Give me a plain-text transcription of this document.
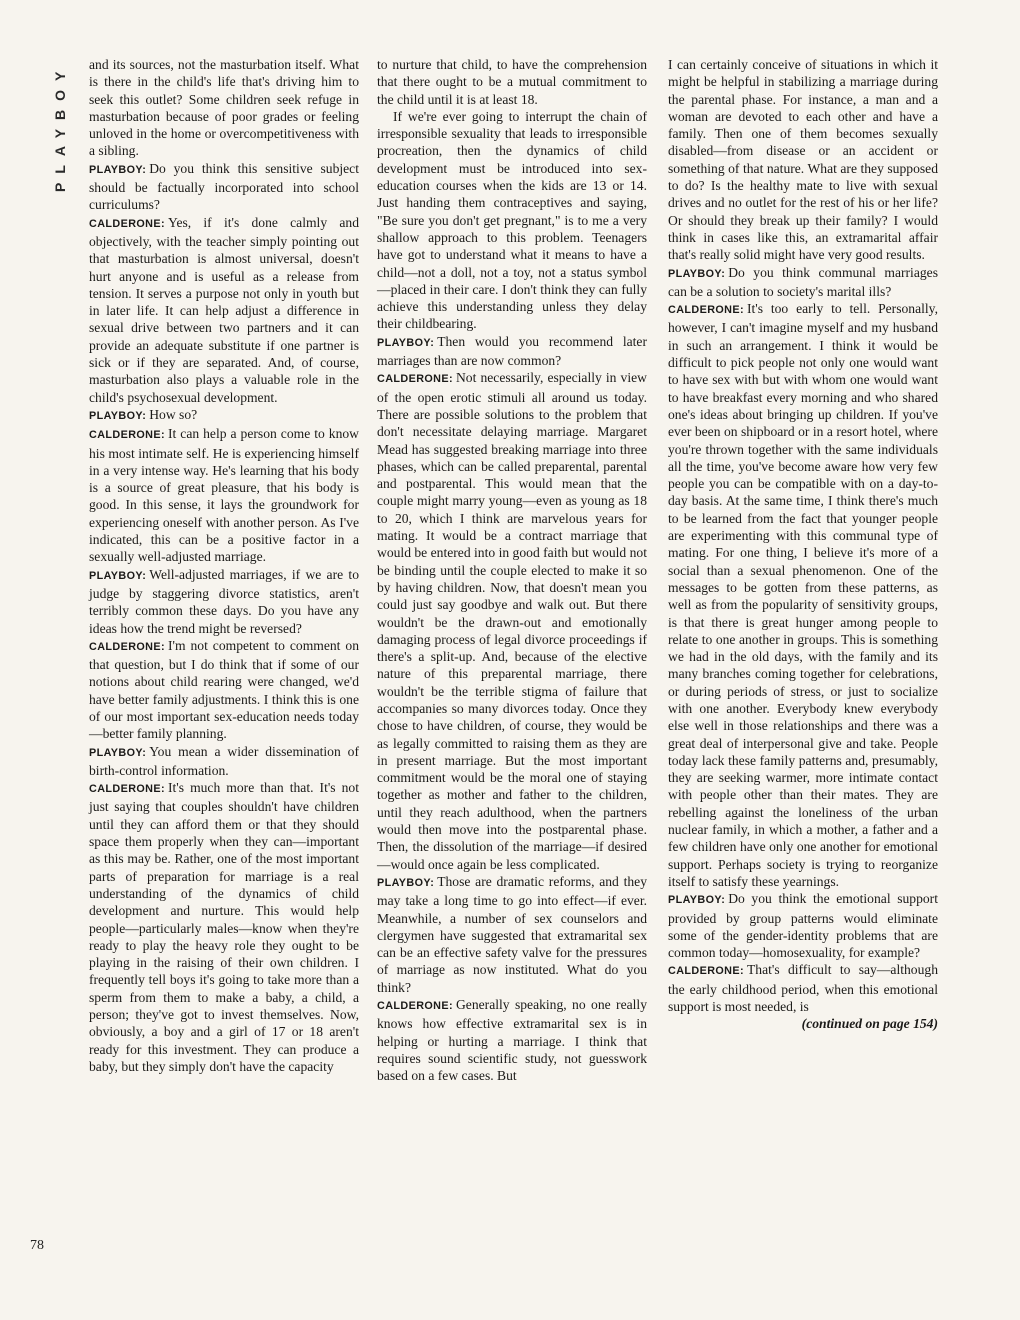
PLAYBOY	and its sources, not the masturbation itself. What is there in the child's life that's driving him to seek this outlet? Some children seek refuge in masturbation because of poor grades or feeling unloved in the home or overcompetitiveness with a sibling.

PLAYBOY: Do you think this sensitive subject should be factually incorporated into school curriculums?

CALDERONE: Yes, if it's done calmly and objectively, with the teacher simply pointing out that masturbation is almost universal, doesn't hurt anyone and is useful as a release from tension. It serves a purpose not only in youth but in later life. It can help adjust a difference in sexual drive between two partners and it can provide an adequate substitute if one partner is sick or if they are separated. And, of course, masturbation also plays a valuable role in the child's psychosexual development.

PLAYBOY: How so?

CALDERONE: It can help a person come to know his most intimate self. He is experiencing himself in a very intense way. He's learning that his body is a source of great pleasure, that his body is good. In this sense, it lays the groundwork for experiencing oneself with another person. As I've indicated, this can be a positive factor in a sexually well-adjusted marriage.

PLAYBOY: Well-adjusted marriages, if we are to judge by staggering divorce statistics, aren't terribly common these days. Do you have any ideas how the trend might be reversed?

CALDERONE: I'm not competent to comment on that question, but I do think that if some of our notions about child rearing were changed, we'd have better family adjustments. I think this is one of our most important sex-education needs today—better family planning.

PLAYBOY: You mean a wider dissemination of birth-control information.

CALDERONE: It's much more than that. It's not just saying that couples shouldn't have children until they can afford them or that they should space them properly when they can—important as this may be. Rather, one of the most important parts of preparation for marriage is a real understanding of the dynamics of child development and nurture. This would help people—particularly males—know when they're ready to play the heavy role they ought to be playing in the raising of their own children. I frequently tell boys it's going to take more than a sperm from them to make a baby, a child, a person; they've got to invest themselves. Now, obviously, a boy and a girl of 17 or 18 aren't ready for this investment. They can produce a baby, but they simply don't have the capacity

to nurture that child, to have the comprehension that there ought to be a mutual commitment to the child until it is at least 18.

If we're ever going to interrupt the chain of irresponsible sexuality that leads to irresponsible procreation, then the dynamics of child development must be introduced into sex-education courses when the kids are 13 or 14. Just handing them contraceptives and saying, "Be sure you don't get pregnant," is to me a very shallow approach to this problem. Teenagers have got to understand what it means to have a child—not a doll, not a toy, not a status symbol—placed in their care. I don't think they can fully achieve this understanding unless they delay their childbearing.

PLAYBOY: Then would you recommend later marriages than are now common?

CALDERONE: Not necessarily, especially in view of the open erotic stimuli all around us today. There are possible solutions to the problem that don't necessitate delaying marriage. Margaret Mead has suggested breaking marriage into three phases, which can be called preparental, parental and postparental. This would mean that the couple might marry young—even as young as 18 to 20, which I think are marvelous years for mating. It would be a contract marriage that would be entered into in good faith but would not be binding until the couple elected to make it so by having children. Now, that doesn't mean you could just say goodbye and walk out. But there wouldn't be the drawn-out and emotionally damaging process of legal divorce proceedings if there's a split-up. And, because of the elective nature of this preparental marriage, there wouldn't be the terrible stigma of failure that accompanies so many divorces today. Once they chose to have children, of course, they would be as legally committed to raising them as they are in present marriage. But the most important commitment would be the moral one of staying together as mother and father to the children, until they reach adulthood, when the partners would then move into the postparental phase. Then, the dissolution of the marriage—if desired—would once again be less complicated.

PLAYBOY: Those are dramatic reforms, and they may take a long time to go into effect—if ever. Meanwhile, a number of sex counselors and clergymen have suggested that extramarital sex can be an effective safety valve for the pressures of marriage as now instituted. What do you think?

CALDERONE: Generally speaking, no one really knows how effective extramarital sex is in helping or hurting a marriage. I think that requires sound scientific study, not guesswork based on a few cases. But

I can certainly conceive of situations in which it might be helpful in stabilizing a marriage during the parental phase. For instance, a man and a woman are devoted to each other and have a family. Then one of them becomes sexually disabled—from disease or an accident or something of that nature. What are they supposed to do? Is the healthy mate to live with sexual drives and no outlet for the rest of his or her life? Or should they break up their family? I would think in cases like this, an extramarital affair that's really solid might have very good results.

PLAYBOY: Do you think communal marriages can be a solution to society's marital ills?

CALDERONE: It's too early to tell. Personally, however, I can't imagine myself and my husband in such an arrangement. I think it would be difficult to pick people not only one would want to have sex with but with whom one would want to have breakfast every morning and who shared one's ideas about bringing up children. If you've ever been on shipboard or in a resort hotel, where you're thrown together with the same individuals all the time, you've become aware how very few people you can be compatible with on a day-to-day basis. At the same time, I think there's much to be learned from the fact that younger people are experimenting with this communal type of mating. For one thing, I believe it's more of a social than a sexual phenomenon. One of the messages to be gotten from these patterns, as well as from the popularity of sensitivity groups, is that there is great hunger among people to relate to one another in groups. This is something we had in the old days, with the family and its many branches coming together for celebrations, or during periods of stress, or just to socialize with one another. Everybody knew everybody else well in those relationships and there was a great deal of interpersonal give and take. People today lack these family patterns and, presumably, they are seeking warmer, more intimate contact with people other than their mates. They are rebelling against the loneliness of the urban nuclear family, in which a mother, a father and a few children have only one another for emotional support. Perhaps society is trying to reorganize itself to satisfy these yearnings.

PLAYBOY: Do you think the emotional support provided by group patterns would eliminate some of the gender-identity problems that are common today—homosexuality, for example?

CALDERONE: That's difficult to say—although the early childhood period, when this emotional support is most needed, is

(continued on page 154)

78
